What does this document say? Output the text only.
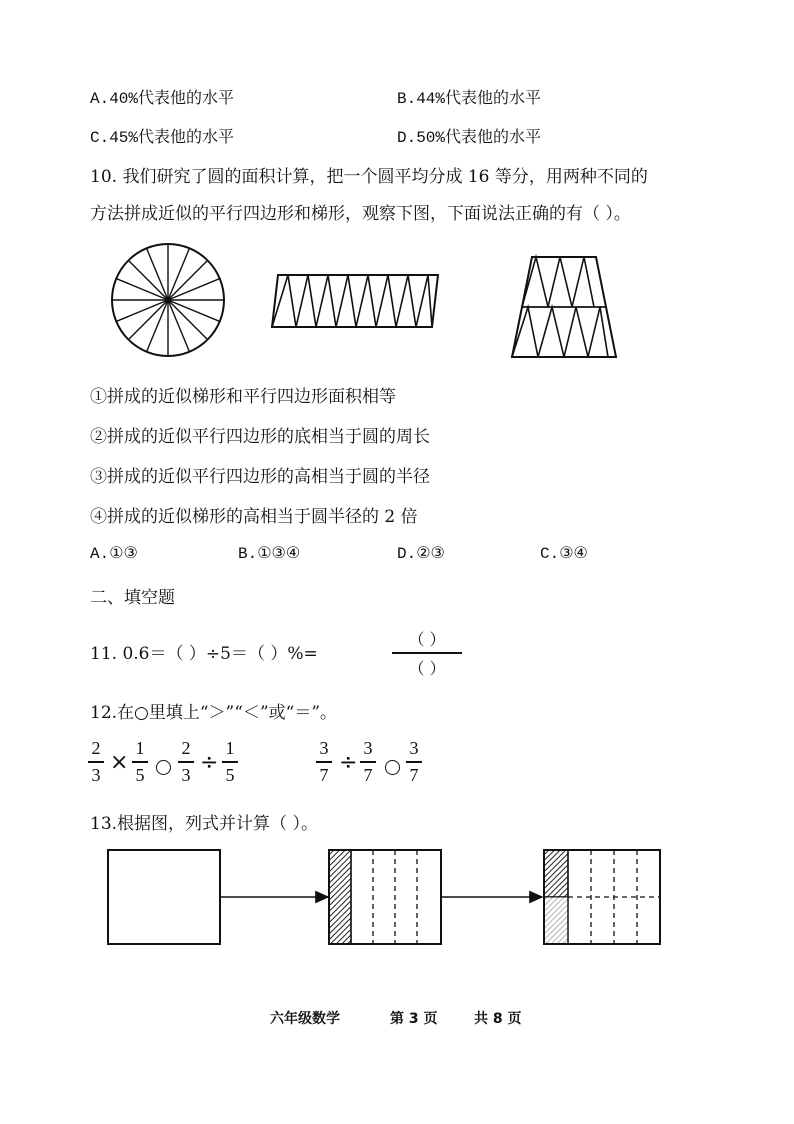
A.40%代表他的水平	B.44%代表他的水平
C.45%代表他的水平	D.50%代表他的水平
10. 我们研究了圆的面积计算，把一个圆平均分成 16 等分，用两种不同的
方法拼成近似的平行四边形和梯形，观察下图，下面说法正确的有（ ）。
①拼成的近似梯形和平行四边形面积相等
②拼成的近似平行四边形的底相当于圆的周长
③拼成的近似平行四边形的高相当于圆的半径
④拼成的近似梯形的高相当于圆半径的 2 倍
A.①③	B.①③④	D.②③	C.③④
二、填空题
11. 0.6＝（ ）÷5＝（ ）%=
（ ）
（ ）
12.在○里填上“＞”“＜”或“＝”。
2
3 ×
1
5
2
3 ÷
1
5
3
7 ÷
3
7
3
7
13.根据图，列式并计算（ ）。
六年级数学	第 3 页	共 8 页
